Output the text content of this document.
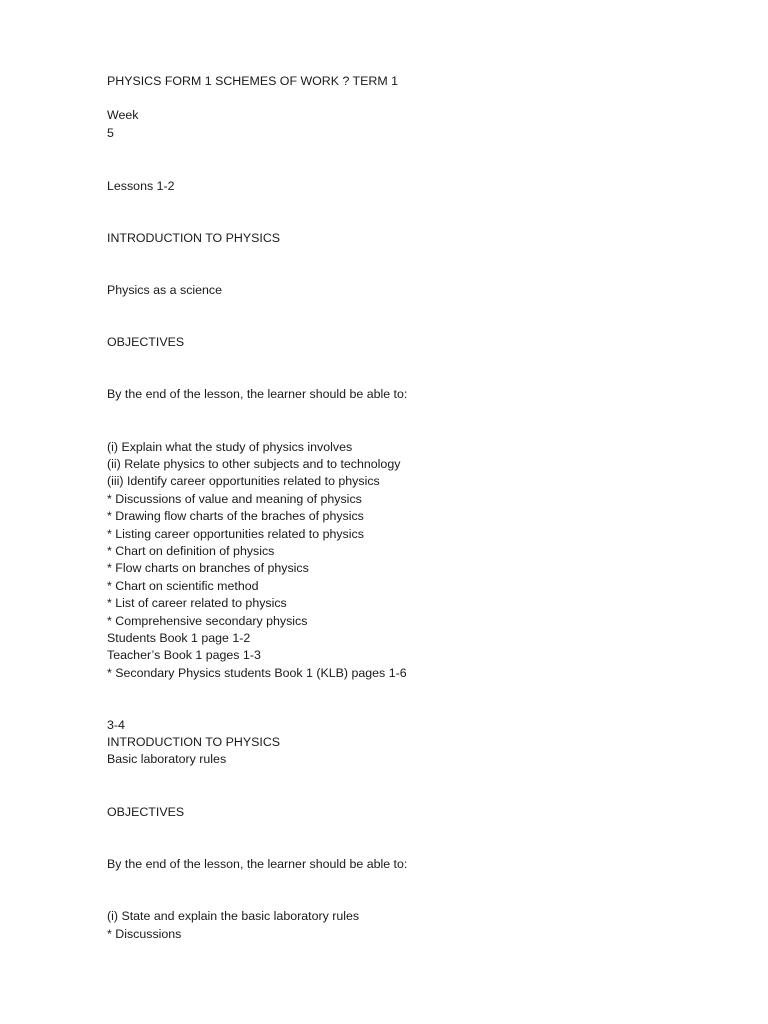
PHYSICS FORM 1 SCHEMES OF WORK ? TERM 1
Week
5
Lessons 1-2
INTRODUCTION TO PHYSICS
Physics as a science
OBJECTIVES
By the end of the lesson, the learner should be able to:
(i) Explain what the study of physics involves
(ii) Relate physics to other subjects and to technology
(iii) Identify career opportunities related to physics
* Discussions of value and meaning of physics
* Drawing flow charts of the braches of physics
* Listing career opportunities related to physics
* Chart on definition of physics
* Flow charts on branches of physics
* Chart on scientific method
* List of career related to physics
* Comprehensive secondary physics
Students Book 1 page 1-2
Teacher’s Book 1 pages 1-3
* Secondary Physics students Book 1 (KLB) pages 1-6
3-4
INTRODUCTION TO PHYSICS
Basic laboratory rules
OBJECTIVES
By the end of the lesson, the learner should be able to:
(i) State and explain the basic laboratory rules
* Discussions
